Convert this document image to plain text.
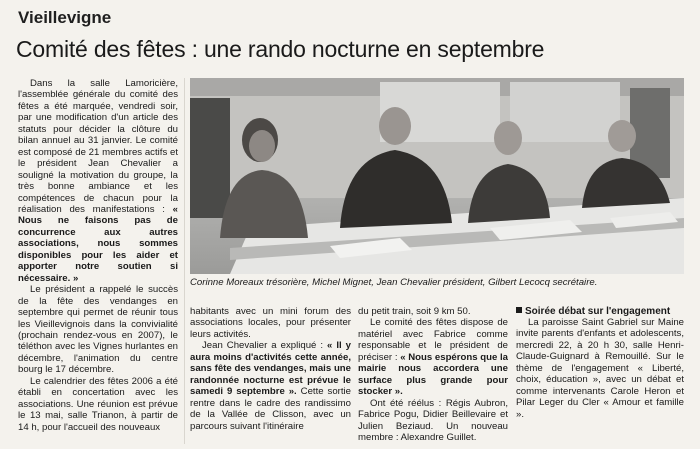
Vieillevigne
Comité des fêtes : une rando nocturne en septembre

Dans la salle Lamoricière, l'assemblée générale du comité des fêtes a été marquée, vendredi soir, par une modification d'un article des statuts pour décider la clôture du bilan annuel au 31 janvier. Le comité est composé de 21 membres actifs et le président Jean Chevalier a souligné la motivation du groupe, la très bonne ambiance et les compétences de chacun pour la réalisation des manifestations : « Nous ne faisons pas de concurrence aux autres associations, nous sommes disponibles pour les aider et apporter notre soutien si nécessaire. »

Le président a rappelé le succès de la fête des vendanges en septembre qui permet de réunir tous les Vieillevignois dans la convivialité (prochain rendez-vous en 2007), le téléthon avec les Vignes hurlantes en décembre, l'animation du centre bourg le 17 décembre.

Le calendrier des fêtes 2006 a été établi en concertation avec les associations. Une réunion est prévue le 13 mai, salle Trianon, à partir de 14 h, pour l'accueil des nouveaux

Corinne Moreaux trésorière, Michel Mignet, Jean Chevalier président, Gilbert Lecocq secrétaire.

habitants avec un mini forum des associations locales, pour présenter leurs activités.

Jean Chevalier a expliqué : « Il y aura moins d'activités cette année, sans fête des vendanges, mais une randonnée nocturne est prévue le samedi 9 septembre ». Cette sortie rentre dans le cadre des randissimo de la Vallée de Clisson, avec un parcours suivant l'itinéraire

du petit train, soit 9 km 50.

Le comité des fêtes dispose de matériel avec Fabrice comme responsable et le président de préciser : « Nous espérons que la mairie nous accordera une surface plus grande pour stocker ».

Ont été réélus : Régis Aubron, Fabrice Pogu, Didier Beillevaire et Julien Beziaud. Un nouveau membre : Alexandre Guillet.

Soirée débat sur l'engagement

La paroisse Saint Gabriel sur Maine invite parents d'enfants et adolescents, mercredi 22, à 20 h 30, salle Henri-Claude-Guignard à Remouillé. Sur le thème de l'engagement « Liberté, choix, éducation », avec un débat et comme intervenants Carole Heron et Pilar Leger du Cler « Amour et famille ».
